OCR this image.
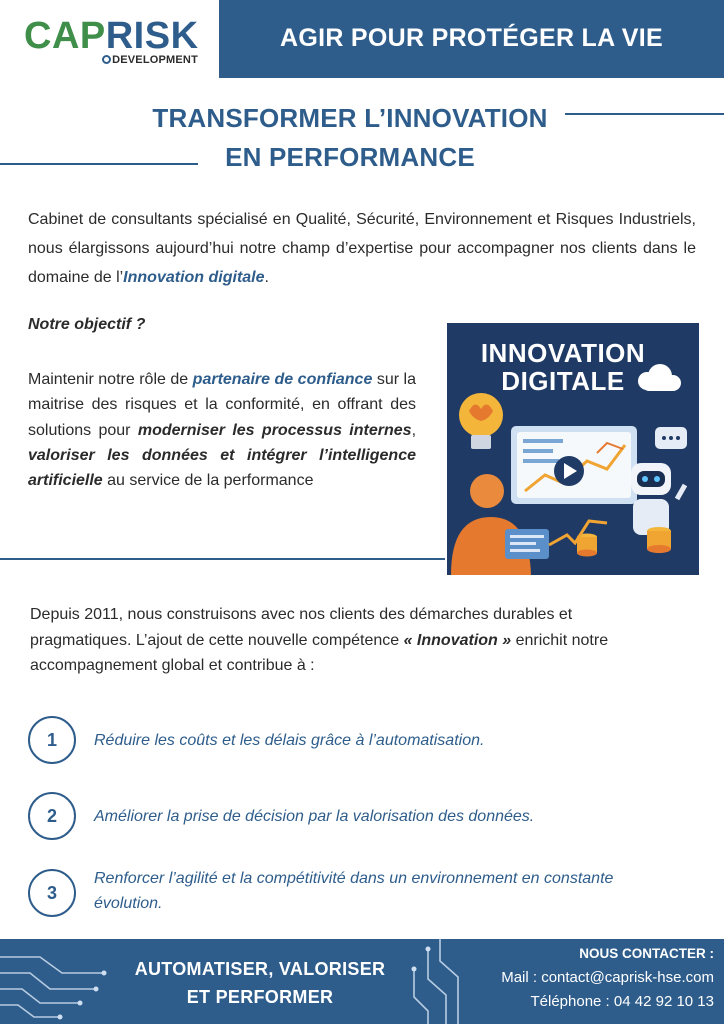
CAPRISK
DEVELOPMENT
AGIR POUR PROTÉGER LA VIE
TRANSFORMER L’INNOVATION
EN PERFORMANCE

Cabinet de consultants spécialisé en Qualité, Sécurité, Environnement et Risques Industriels, nous élargissons aujourd’hui notre champ d’expertise pour accompagner nos clients dans le domaine de l’Innovation digitale.

Notre objectif ?

Maintenir notre rôle de partenaire de confiance sur la maitrise des risques et la conformité, en offrant des solutions pour moderniser les processus internes, valoriser les données et intégrer l’intelligence artificielle au service de la performance

INNOVATION
DIGITALE

Depuis 2011, nous construisons avec nos clients des démarches durables et pragmatiques. L’ajout de cette nouvelle compétence « Innovation » enrichit notre accompagnement global et contribue à :

1	Réduire les coûts et les délais grâce à l’automatisation.
2	Améliorer la prise de décision par la valorisation des données.
3
Renforcer l’agilité et la compétitivité dans un environnement en constante évolution.
AUTOMATISER, VALORISER
ET PERFORMER
NOUS CONTACTER :
Mail : contact@caprisk-hse.com
Téléphone : 04 42 92 10 13
